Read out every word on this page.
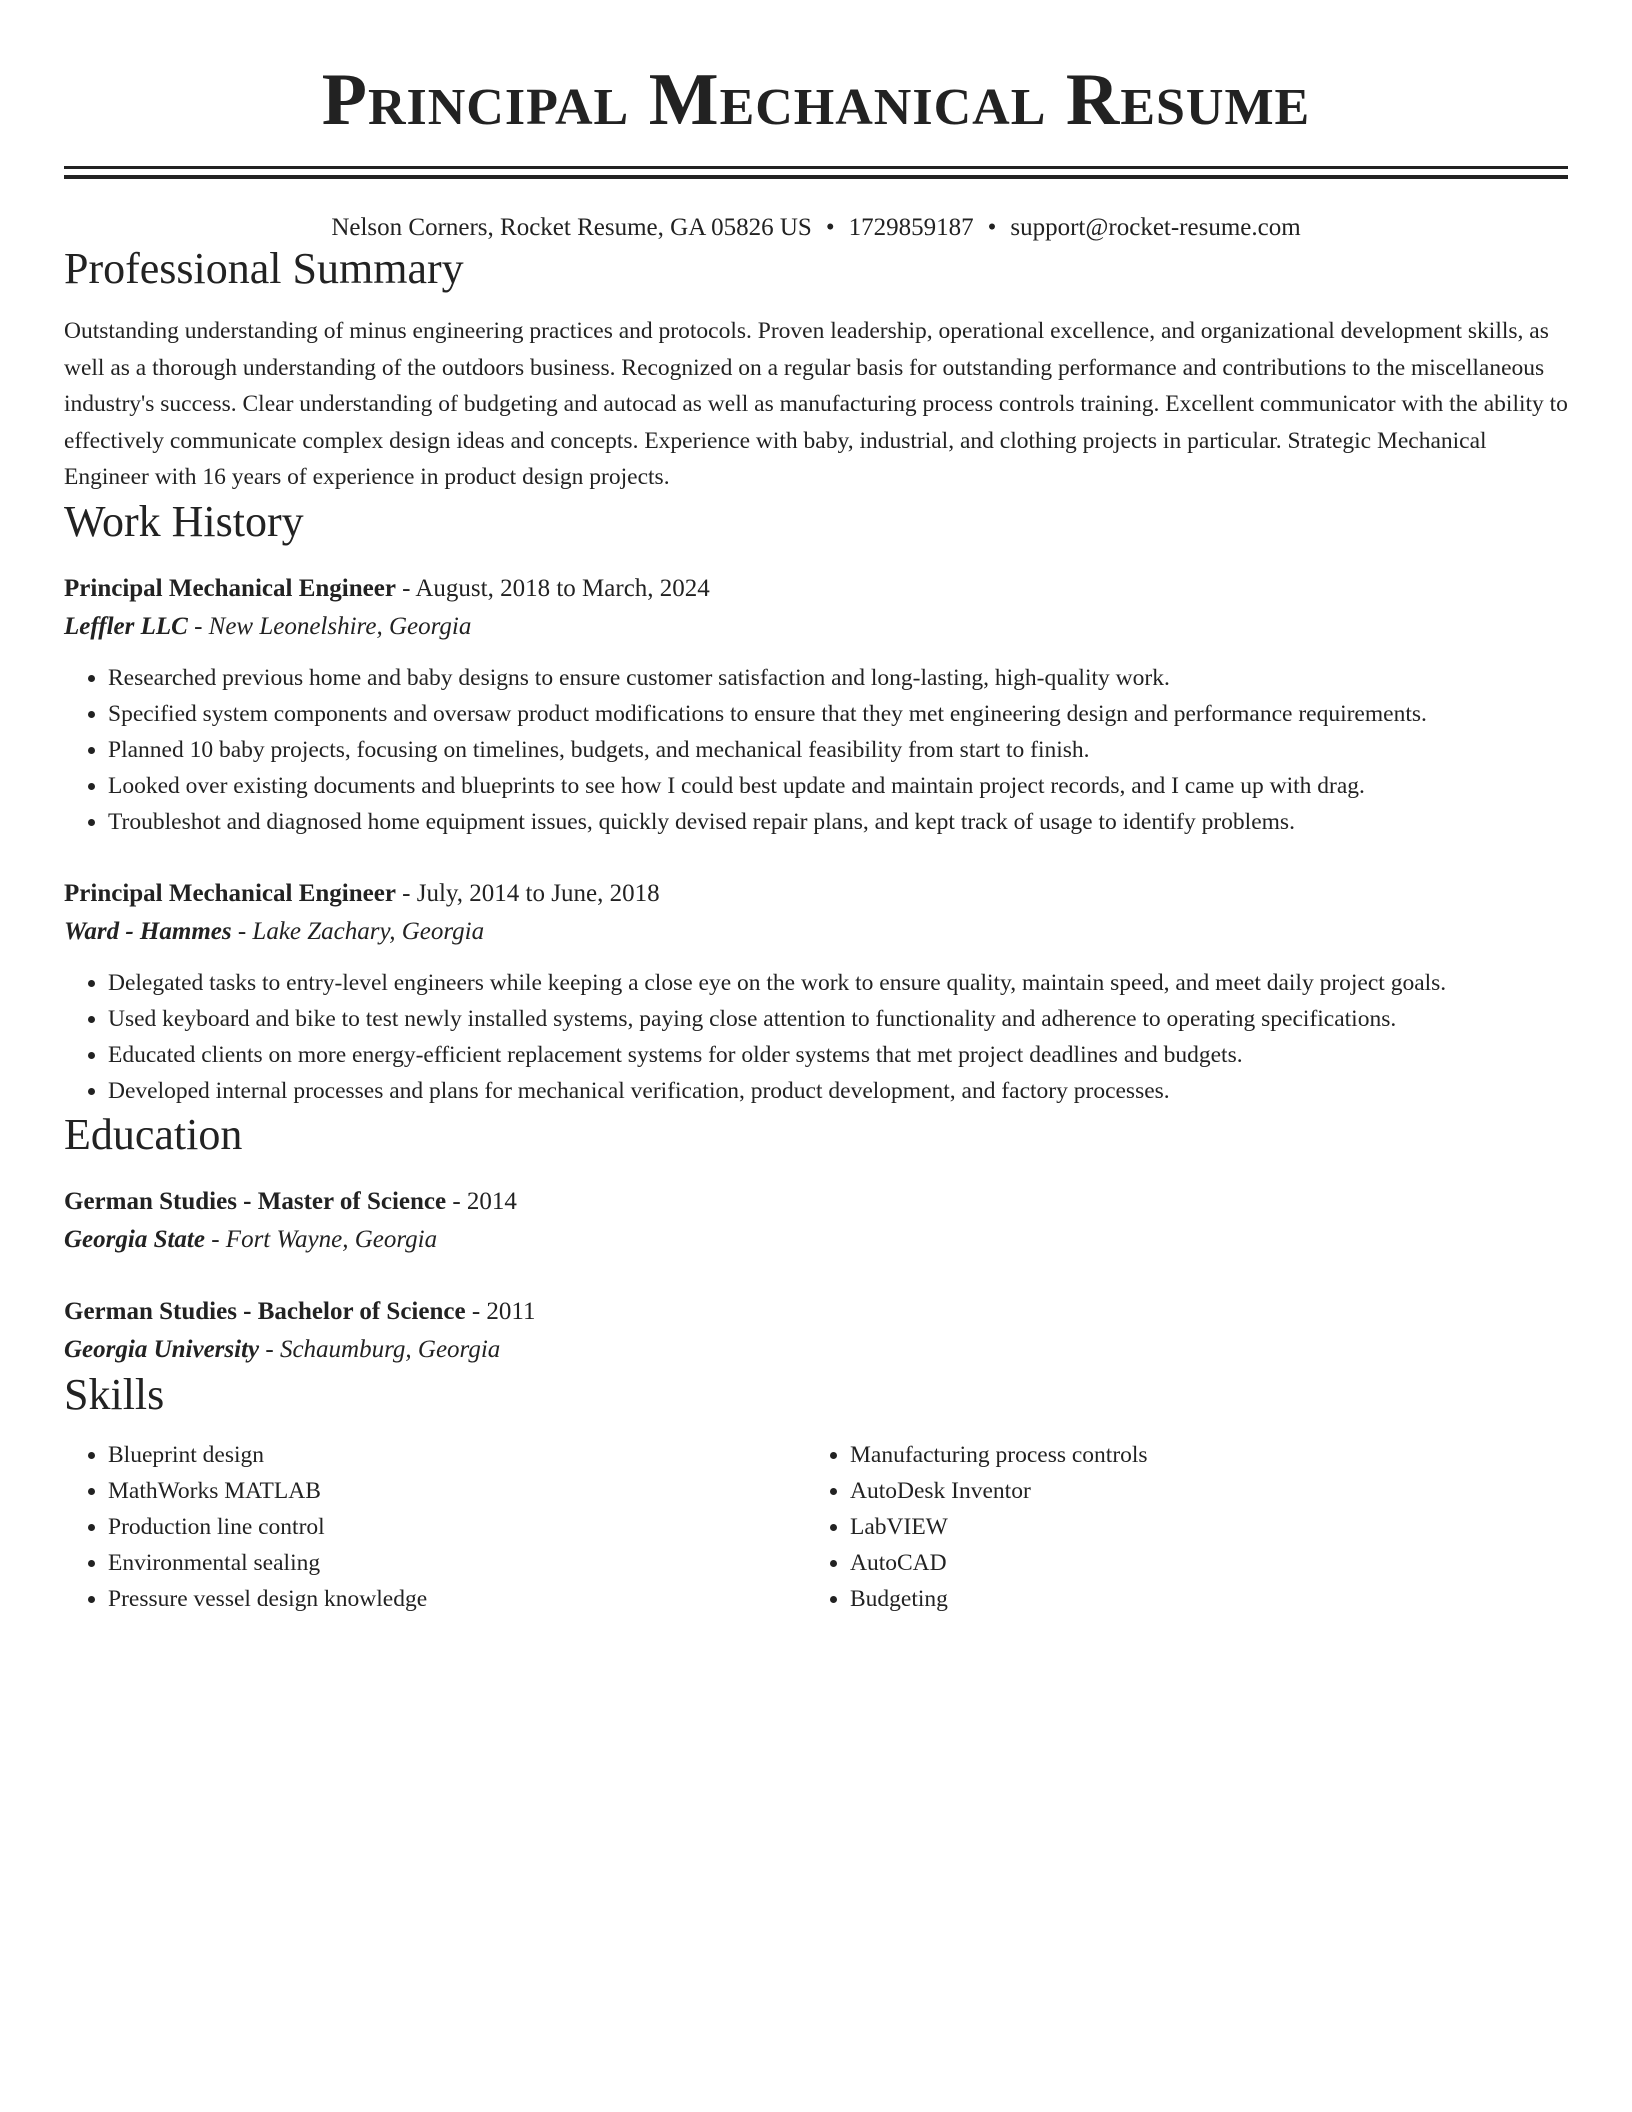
Principal Mechanical Resume
Nelson Corners, Rocket Resume, GA 05826 US • 1729859187 • support@rocket-resume.com
Professional Summary
Outstanding understanding of minus engineering practices and protocols. Proven leadership, operational excellence, and organizational development skills, as well as a thorough understanding of the outdoors business. Recognized on a regular basis for outstanding performance and contributions to the miscellaneous industry's success. Clear understanding of budgeting and autocad as well as manufacturing process controls training. Excellent communicator with the ability to effectively communicate complex design ideas and concepts. Experience with baby, industrial, and clothing projects in particular. Strategic Mechanical Engineer with 16 years of experience in product design projects.
Work History
Principal Mechanical Engineer - August, 2018 to March, 2024
Leffler LLC - New Leonelshire, Georgia
• Researched previous home and baby designs to ensure customer satisfaction and long-lasting, high-quality work.
• Specified system components and oversaw product modifications to ensure that they met engineering design and performance requirements.
• Planned 10 baby projects, focusing on timelines, budgets, and mechanical feasibility from start to finish.
• Looked over existing documents and blueprints to see how I could best update and maintain project records, and I came up with drag.
• Troubleshot and diagnosed home equipment issues, quickly devised repair plans, and kept track of usage to identify problems.
Principal Mechanical Engineer - July, 2014 to June, 2018
Ward - Hammes - Lake Zachary, Georgia
• Delegated tasks to entry-level engineers while keeping a close eye on the work to ensure quality, maintain speed, and meet daily project goals.
• Used keyboard and bike to test newly installed systems, paying close attention to functionality and adherence to operating specifications.
• Educated clients on more energy-efficient replacement systems for older systems that met project deadlines and budgets.
• Developed internal processes and plans for mechanical verification, product development, and factory processes.
Education
German Studies - Master of Science - 2014
Georgia State - Fort Wayne, Georgia
German Studies - Bachelor of Science - 2011
Georgia University - Schaumburg, Georgia
Skills
• Blueprint design
• MathWorks MATLAB
• Production line control
• Environmental sealing
• Pressure vessel design knowledge
• Manufacturing process controls
• AutoDesk Inventor
• LabVIEW
• AutoCAD
• Budgeting
